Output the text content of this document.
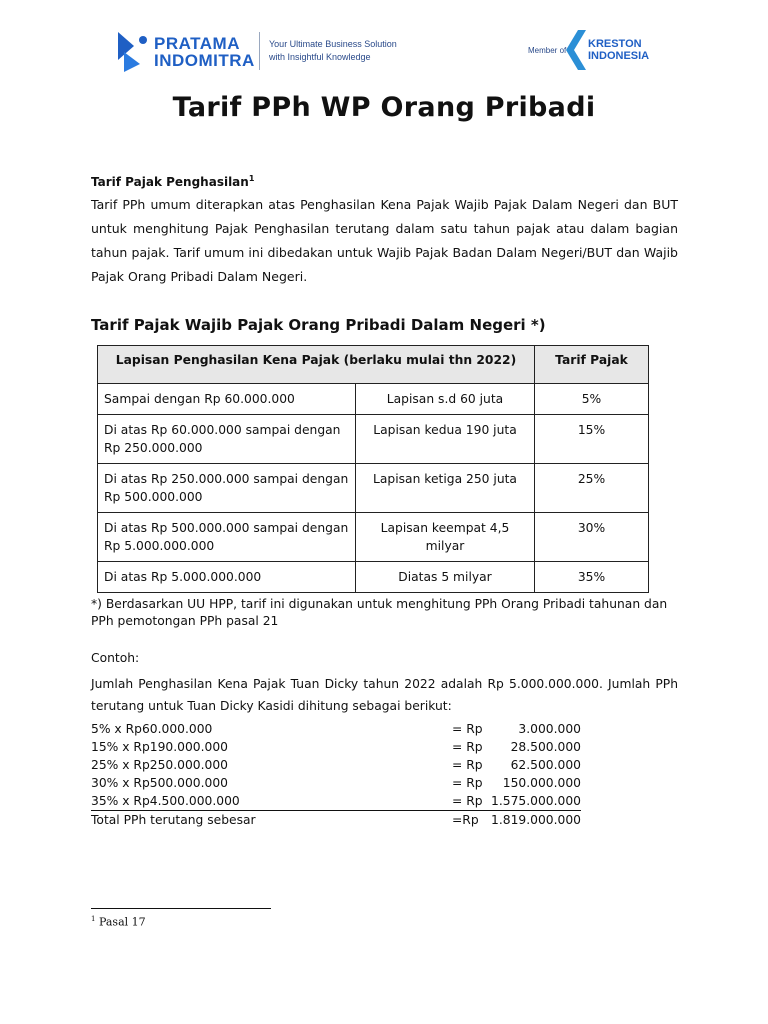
PRATAMA
INDOMITRA
Your Ultimate Business Solution
with Insightful Knowledge
Member of
KRESTON
INDONESIA
Tarif PPh WP Orang Pribadi
Tarif Pajak Penghasilan$^1$

Tarif PPh umum diterapkan atas Penghasilan Kena Pajak Wajib Pajak Dalam Negeri dan BUT untuk menghitung Pajak Penghasilan terutang dalam satu tahun pajak atau dalam bagian tahun pajak. Tarif umum ini dibedakan untuk Wajib Pajak Badan Dalam Negeri/BUT dan Wajib Pajak Orang Pribadi Dalam Negeri.

Tarif Pajak Wajib Pajak Orang Pribadi Dalam Negeri *)
Lapisan Penghasilan Kena Pajak (berlaku mulai thn 2022)		Tarif Pajak
Sampai dengan Rp 60.000.000	Lapisan s.d 60 juta	5%
Di atas Rp 60.000.000 sampai dengan Rp 250.000.000	Lapisan kedua 190 juta	15%
Di atas Rp 250.000.000 sampai dengan Rp 500.000.000	Lapisan ketiga 250 juta	25%
Di atas Rp 500.000.000 sampai dengan Rp 5.000.000.000	Lapisan keempat 4,5 milyar	30%
Di atas Rp 5.000.000.000	Diatas 5 milyar	35%

*) Berdasarkan UU HPP, tarif ini digunakan untuk menghitung PPh Orang Pribadi tahunan dan PPh pemotongan PPh pasal 21

Contoh:

Jumlah Penghasilan Kena Pajak Tuan Dicky tahun 2022 adalah Rp 5.000.000.000. Jumlah PPh terutang untuk Tuan Dicky Kasidi dihitung sebagai berikut:

5% x Rp60.000.000	= Rp	3.000.000
15% x Rp190.000.000	= Rp	28.500.000
25% x Rp250.000.000	= Rp	62.500.000
30% x Rp500.000.000	= Rp	150.000.000
35% x Rp4.500.000.000	= Rp 1.575.000.000
Total PPh terutang sebesar	=Rp	1.819.000.000
$^1$ Pasal 17
